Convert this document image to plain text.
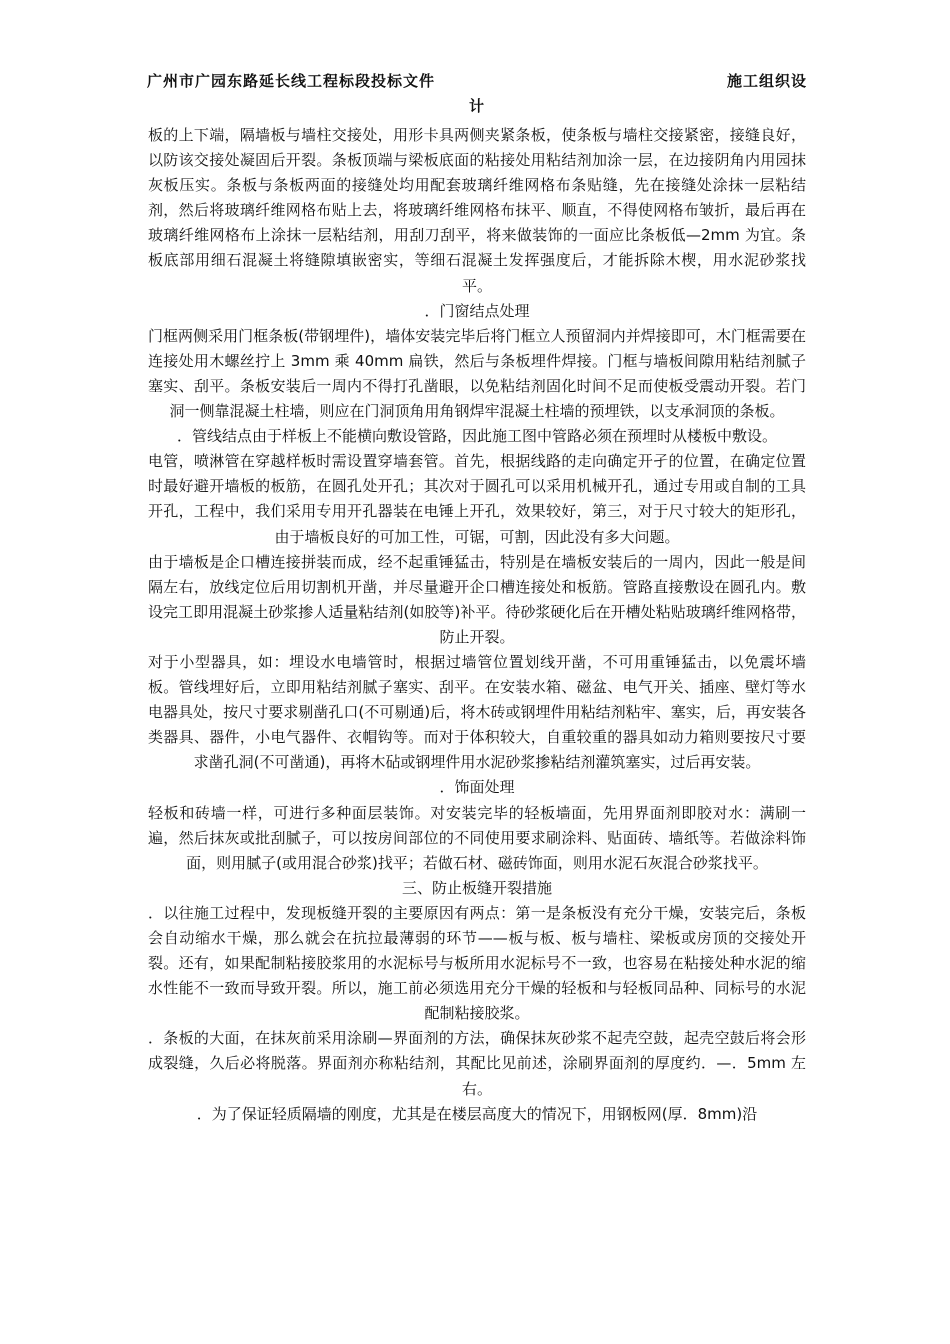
广州市广园东路延长线工程标段投标文件	施工组织设
计

板的上下端，隔墙板与墙柱交接处，用形卡具两侧夹紧条板，使条板与墙柱交接紧密，接缝良好，以防该交接处凝固后开裂。条板顶端与梁板底面的粘接处用粘结剂加涂一层，在边接阴角内用园抹灰板压实。条板与条板两面的接缝处均用配套玻璃纤维网格布条贴缝，先在接缝处涂抹一层粘结剂，然后将玻璃纤维网格布贴上去，将玻璃纤维网格布抹平、顺直，不得使网格布皱折，最后再在玻璃纤维网格布上涂抹一层粘结剂，用刮刀刮平，将来做装饰的一面应比条板低—2mm 为宜。条板底部用细石混凝土将缝隙填嵌密实，等细石混凝土发挥强度后，才能拆除木楔，用水泥砂浆找平。

．门窗结点处理

门框两侧采用门框条板(带钢埋件)，墙体安装完毕后将门框立人预留洞内并焊接即可，木门框需要在连接处用木螺丝拧上 3mm 乘 40mm 扁铁，然后与条板埋件焊接。门框与墙板间隙用粘结剂腻子塞实、刮平。条板安装后一周内不得打孔凿眼，以免粘结剂固化时间不足而使板受震动开裂。若门洞一侧靠混凝土柱墙，则应在门洞顶角用角钢焊牢混凝土柱墙的预埋铁，以支承洞顶的条板。

．管线结点由于样板上不能横向敷设管路，因此施工图中管路必须在预埋时从楼板中敷设。

电管，喷淋管在穿越样板时需设置穿墙套管。首先，根据线路的走向确定开孑的位置，在确定位置时最好避开墙板的板筋，在圆孔处开孔；其次对于圆孔可以采用机械开孔，通过专用或自制的工具开孔，工程中，我们采用专用开孔器装在电锤上开孔，效果较好，第三，对于尺寸较大的矩形孔，由于墙板良好的可加工性，可锯，可割，因此没有多大问题。

由于墙板是企口槽连接拼装而成，经不起重锤猛击，特别是在墙板安装后的一周内，因此一般是间隔左右，放线定位后用切割机开凿，并尽量避开企口槽连接处和板筋。管路直接敷设在圆孔内。敷设完工即用混凝土砂浆掺人适量粘结剂(如胶等)补平。待砂浆硬化后在开槽处粘贴玻璃纤维网格带，防止开裂。

对于小型器具，如：埋设水电墙管时，根据过墙管位置划线开凿，不可用重锤猛击，以免震坏墙板。管线埋好后，立即用粘结剂腻子塞实、刮平。在安装水箱、磁盆、电气开关、插座、壁灯等水电器具处，按尺寸要求剔凿孔口(不可剔通)后，将木砖或钢埋件用粘结剂粘牢、塞实，后，再安装各类器具、器件，小电气器件、衣帽钩等。而对于体积较大，自重较重的器具如动力箱则要按尺寸要求凿孔洞(不可凿通)，再将木砧或钢埋件用水泥砂浆掺粘结剂灌筑塞实，过后再安装。

．饰面处理

轻板和砖墙一样，可进行多种面层装饰。对安装完毕的轻板墙面，先用界面剂即胶对水：满刷一遍，然后抹灰或批刮腻子，可以按房间部位的不同使用要求刷涂料、贴面砖、墙纸等。若做涂料饰面，则用腻子(或用混合砂浆)找平；若做石材、磁砖饰面，则用水泥石灰混合砂浆找平。

三、防止板缝开裂措施

．以往施工过程中，发现板缝开裂的主要原因有两点：第一是条板没有充分干燥，安装完后，条板会自动缩水干燥，那么就会在抗拉最薄弱的环节——板与板、板与墙柱、梁板或房顶的交接处开裂。还有，如果配制粘接胶浆用的水泥标号与板所用水泥标号不一致，也容易在粘接处种水泥的缩水性能不一致而导致开裂。所以，施工前必须选用充分干燥的轻板和与轻板同品种、同标号的水泥配制粘接胶浆。

．条板的大面，在抹灰前采用涂刷—界面剂的方法，确保抹灰砂浆不起壳空鼓，起壳空鼓后将会形成裂缝，久后必将脱落。界面剂亦称粘结剂，其配比见前述，涂刷界面剂的厚度约．—．5mm 左右。

．为了保证轻质隔墙的刚度，尤其是在楼层高度大的情况下，用钢板网(厚．8mm)沿
